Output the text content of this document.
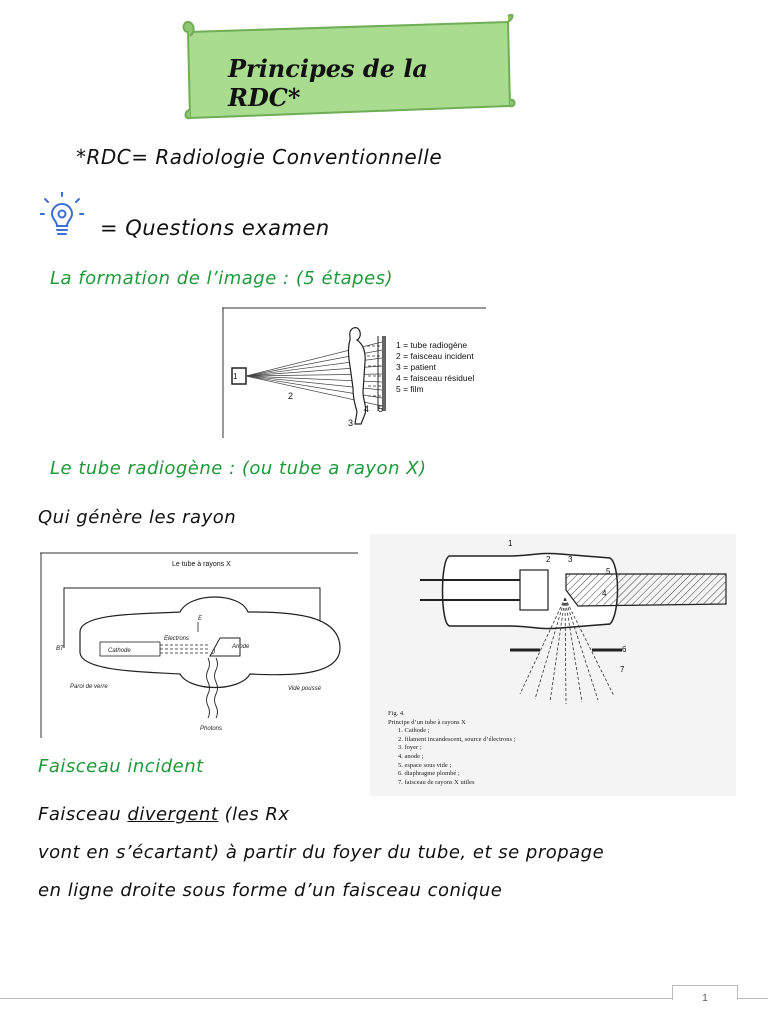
Principes de la RDC*
*RDC= Radiologie Conventionnelle
= Questions examen
La formation de l’image : (5 étapes)
1
2
3
4 5
1 = tube radiogène
2 = faisceau incident
3 = patient
4 = faisceau résiduel
5 = film
Le tube radiogène : (ou tube a rayon X)
Qui génère les rayon
Le tube à rayons X
BT	Cathode
Electrons
Anode
E
J
Paroi de verre	Vide poussé
Photons
1
2 3
4
5
6
7
Fig. 4.
Principe d’un tube à rayons X
1. Cathode ;
2. filament incandescent, source d’électrons ;
3. foyer ;
4. anode ;
5. espace sous vide ;
6. diaphragme plombé ;
7. faisceau de rayons X utiles
Faisceau incident
Faisceau divergent (les Rx
vont en s’écartant) à partir du foyer du tube, et se propage
en ligne droite sous forme d’un faisceau conique
1
